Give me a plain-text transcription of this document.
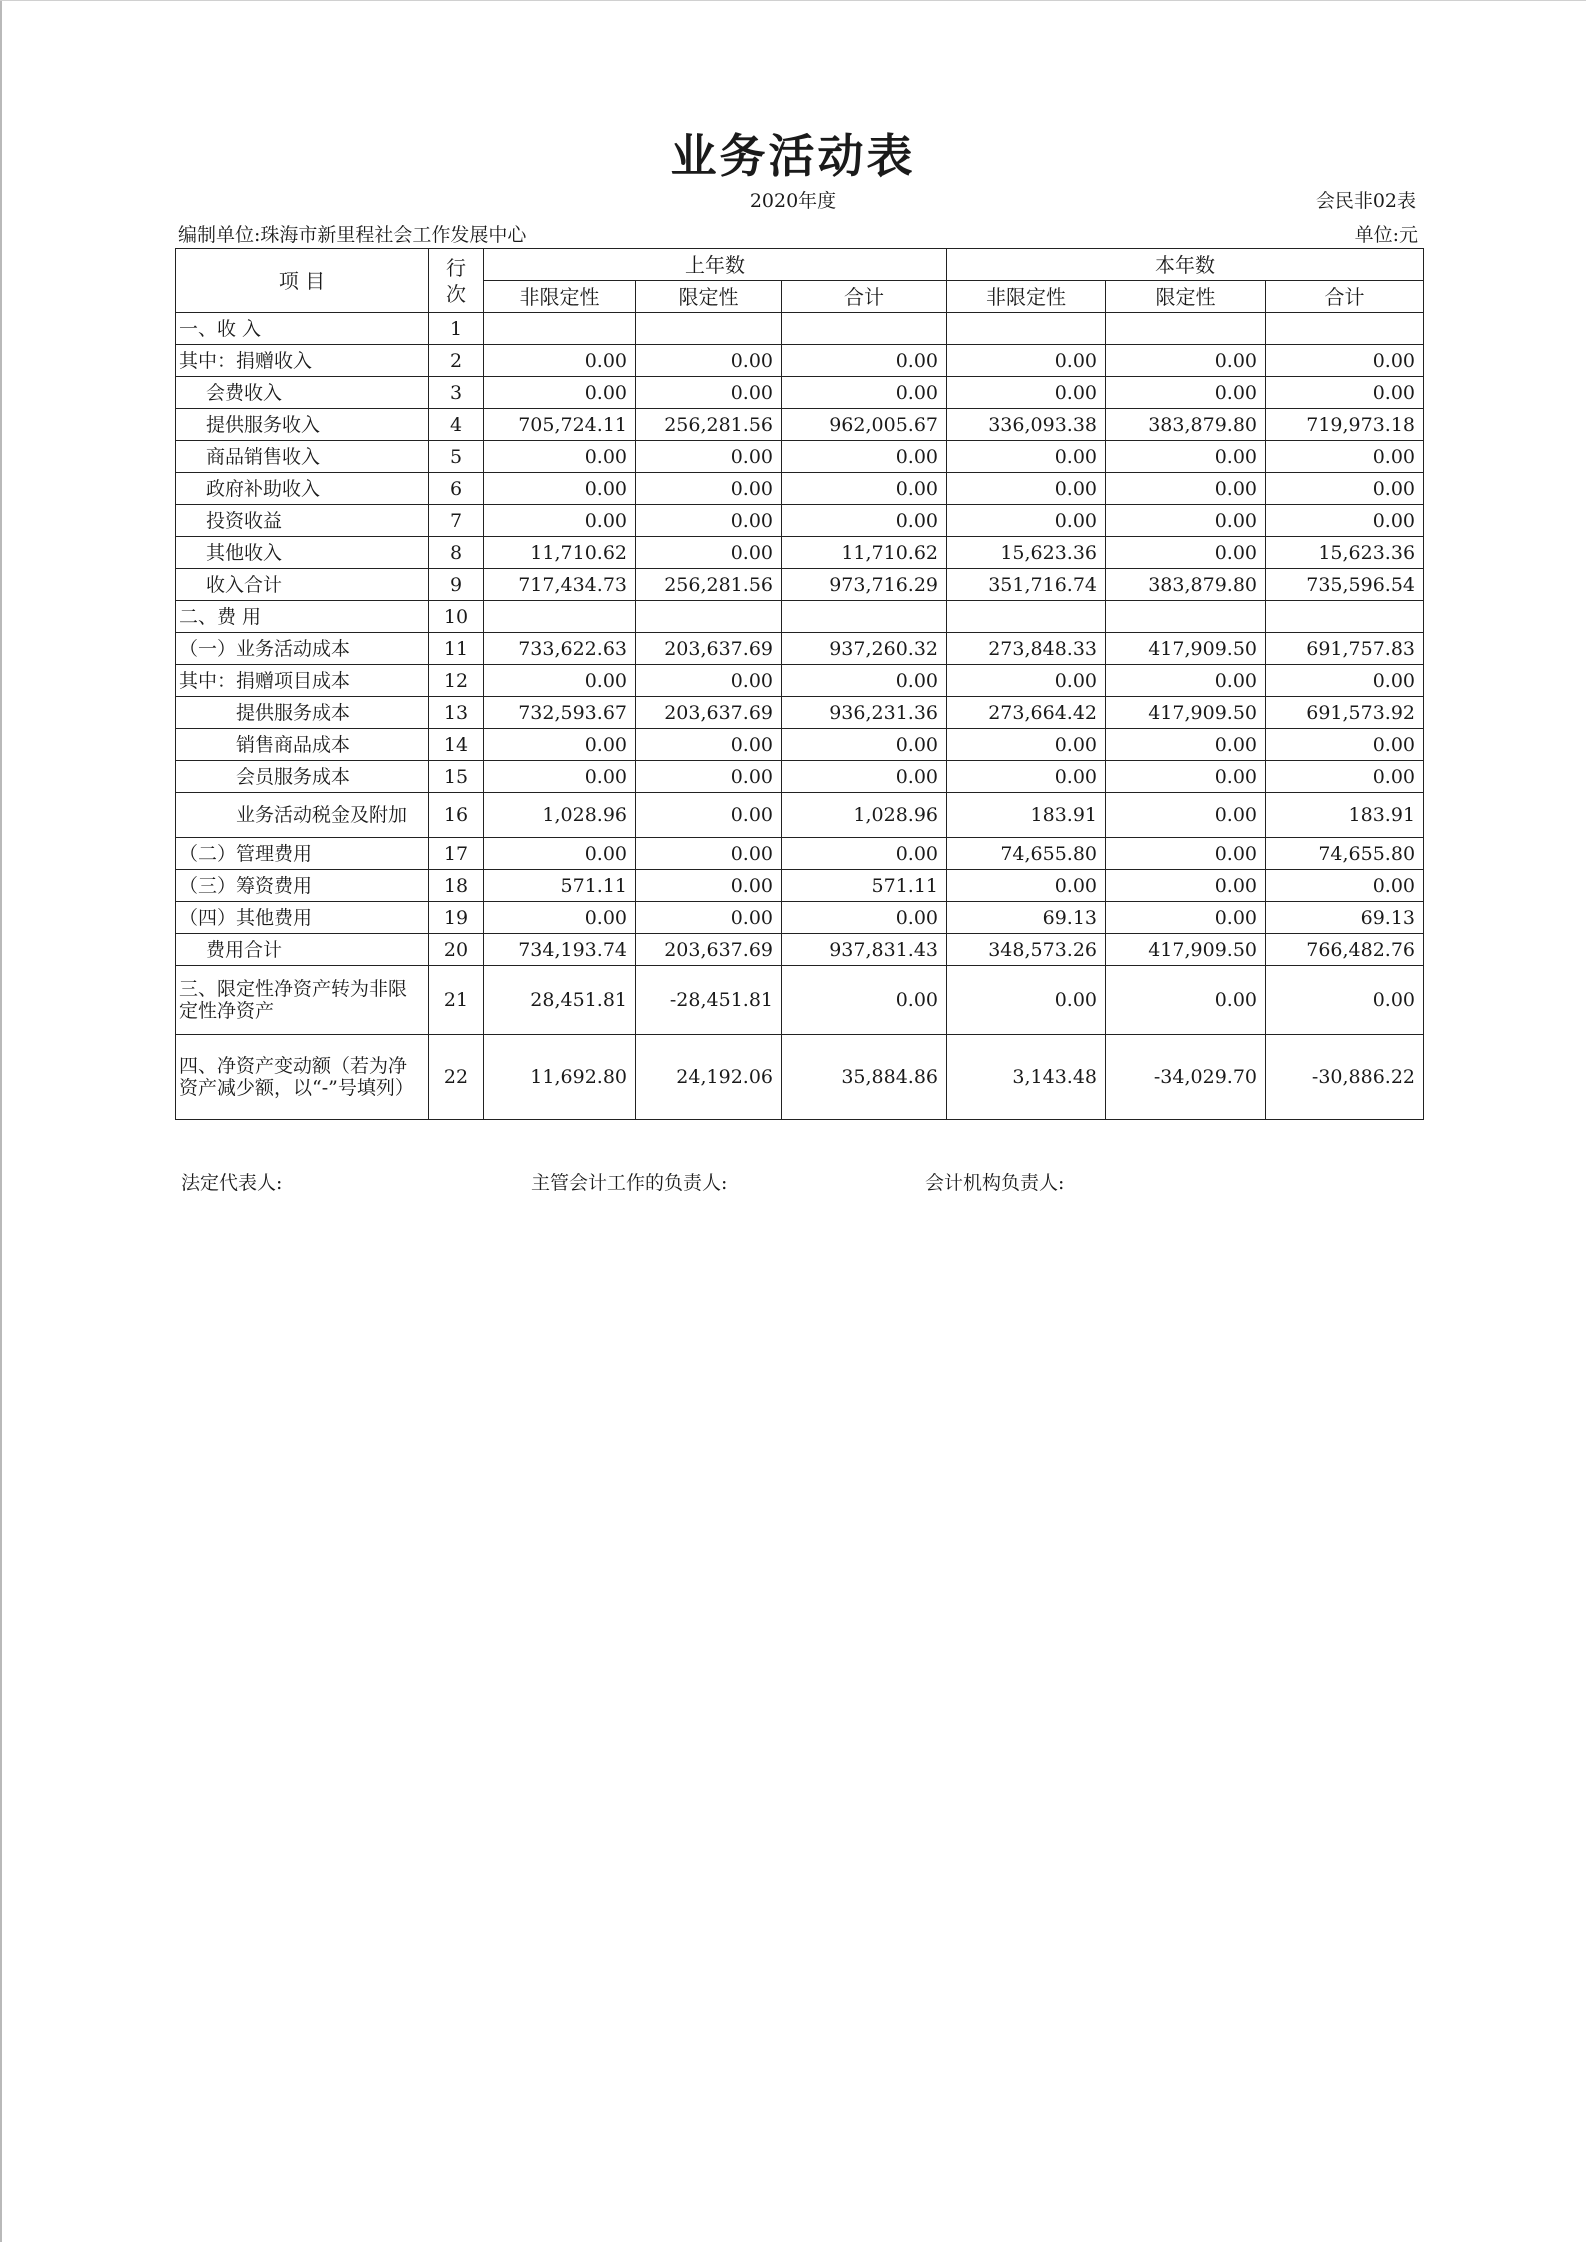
业务活动表
2020年度	会民非02表
编制单位:珠海市新里程社会工作发展中心	单位:元
项 目	行次	上年数			本年数		
		非限定性	限定性	合计	非限定性	限定性	合计
一、收 入	1						
其中：捐赠收入	2	0.00	0.00	0.00	0.00	0.00	0.00
会费收入	3	0.00	0.00	0.00	0.00	0.00	0.00
提供服务收入	4	705,724.11	256,281.56	962,005.67	336,093.38	383,879.80	719,973.18
商品销售收入	5	0.00	0.00	0.00	0.00	0.00	0.00
政府补助收入	6	0.00	0.00	0.00	0.00	0.00	0.00
投资收益	7	0.00	0.00	0.00	0.00	0.00	0.00
其他收入	8	11,710.62	0.00	11,710.62	15,623.36	0.00	15,623.36
收入合计	9	717,434.73	256,281.56	973,716.29	351,716.74	383,879.80	735,596.54
二、费 用	10						
（一）业务活动成本	11	733,622.63	203,637.69	937,260.32	273,848.33	417,909.50	691,757.83
其中：捐赠项目成本	12	0.00	0.00	0.00	0.00	0.00	0.00
提供服务成本	13	732,593.67	203,637.69	936,231.36	273,664.42	417,909.50	691,573.92
销售商品成本	14	0.00	0.00	0.00	0.00	0.00	0.00
会员服务成本	15	0.00	0.00	0.00	0.00	0.00	0.00
业务活动税金及附加	16	1,028.96	0.00	1,028.96	183.91	0.00	183.91
（二）管理费用	17	0.00	0.00	0.00	74,655.80	0.00	74,655.80
（三）筹资费用	18	571.11	0.00	571.11	0.00	0.00	0.00
（四）其他费用	19	0.00	0.00	0.00	69.13	0.00	69.13
费用合计	20	734,193.74	203,637.69	937,831.43	348,573.26	417,909.50	766,482.76
三、限定性净资产转为非限定性净资产	21	28,451.81	-28,451.81	0.00	0.00	0.00	0.00
四、净资产变动额（若为净资产减少额，以“-”号填列）	22	11,692.80	24,192.06	35,884.86	3,143.48	-34,029.70	-30,886.22
法定代表人:	主管会计工作的负责人:	会计机构负责人:
